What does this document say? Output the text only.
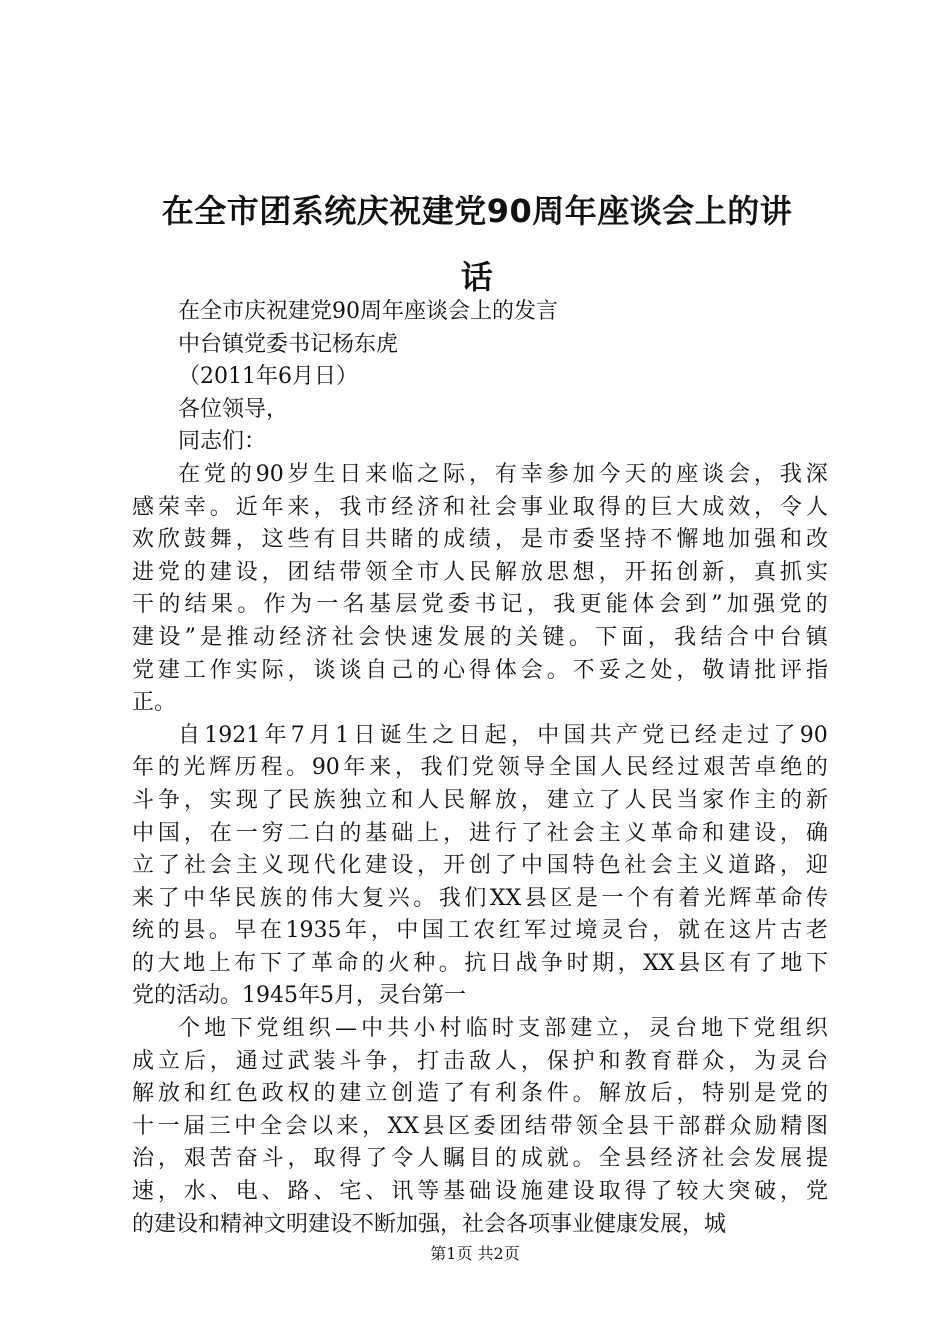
在全市团系统庆祝建党90周年座谈会上的讲
话
在全市庆祝建党90周年座谈会上的发言
中台镇党委书记杨东虎
（2011年6月日）
各位领导，
同志们：
在 党 的 90 岁 生 日 来 临 之 际 ， 有 幸 参 加 今 天 的 座 谈 会 ， 我 深
感 荣 幸 。 近 年 来 ， 我 市 经 济 和 社 会 事 业 取 得 的 巨 大 成 效 ， 令 人
欢 欣 鼓 舞 ， 这 些 有 目 共 睹 的 成 绩 ， 是 市 委 坚 持 不 懈 地 加 强 和 改
进 党 的 建 设 ， 团 结 带 领 全 市 人 民 解 放 思 想 ， 开 拓 创 新 ， 真 抓 实
干 的 结 果 。 作 为 一 名 基 层 党 委 书 记 ， 我 更 能 体 会 到 ” 加 强 党 的
建 设 ” 是 推 动 经 济 社 会 快 速 发 展 的 关 键 。 下 面 ， 我 结 合 中 台 镇
党 建 工 作 实 际 ， 谈 谈 自 己 的 心 得 体 会 。 不 妥 之 处 ， 敬 请 批 评 指
正。
自 1921 年 7 月 1 日 诞 生 之 日 起 ， 中 国 共 产 党 已 经 走 过 了 90
年 的 光 辉 历 程 。 90 年 来 ， 我 们 党 领 导 全 国 人 民 经 过 艰 苦 卓 绝 的
斗 争 ， 实 现 了 民 族 独 立 和 人 民 解 放 ， 建 立 了 人 民 当 家 作 主 的 新
中 国 ， 在 一 穷 二 白 的 基 础 上 ， 进 行 了 社 会 主 义 革 命 和 建 设 ， 确
立 了 社 会 主 义 现 代 化 建 设 ， 开 创 了 中 国 特 色 社 会 主 义 道 路 ， 迎
来 了 中 华 民 族 的 伟 大 复 兴 。 我 们 XX 县 区 是 一 个 有 着 光 辉 革 命 传
统 的 县 。 早 在 1935 年 ， 中 国 工 农 红 军 过 境 灵 台 ， 就 在 这 片 古 老
的 大 地 上 布 下 了 革 命 的 火 种 。 抗 日 战 争 时 期 ， XX 县 区 有 了 地 下
党的活动。1945年5月，灵台第一
个 地 下 党 组 织 — 中 共 小 村 临 时 支 部 建 立 ， 灵 台 地 下 党 组 织
成 立 后 ， 通 过 武 装 斗 争 ， 打 击 敌 人 ， 保 护 和 教 育 群 众 ， 为 灵 台
解 放 和 红 色 政 权 的 建 立 创 造 了 有 利 条 件 。 解 放 后 ， 特 别 是 党 的
十 一 届 三 中 全 会 以 来 ， XX 县 区 委 团 结 带 领 全 县 干 部 群 众 励 精 图
治 ， 艰 苦 奋 斗 ， 取 得 了 令 人 瞩 目 的 成 就 。 全 县 经 济 社 会 发 展 提
速 ， 水 、 电 、 路 、 宅 、 讯 等 基 础 设 施 建 设 取 得 了 较 大 突 破 ， 党
的建设和精神文明建设不断加强，社会各项事业健康发展，城
第1页 共2页
